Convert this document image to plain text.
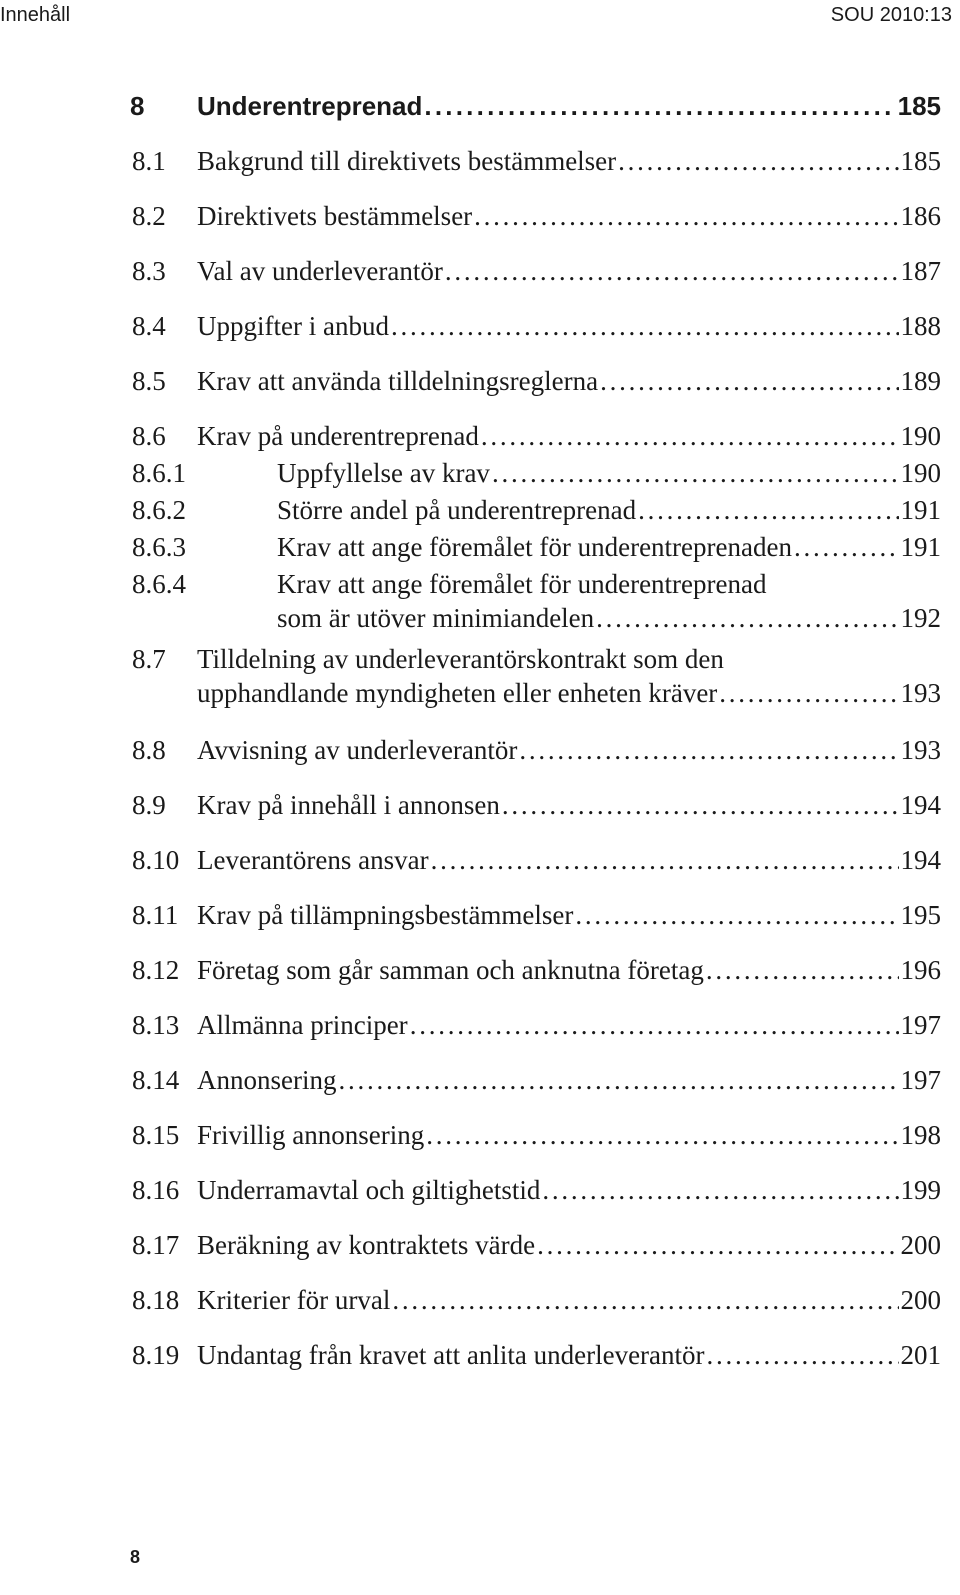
Innehåll	SOU 2010:13
8 Underentreprenad . . .	185
8.1 Bakgrund till direktivets bestämmelser . . .	185
8.2 Direktivets bestämmelser . . .	186
8.3 Val av underleverantör . . .	187
8.4 Uppgifter i anbud . . .	188
8.5 Krav att använda tilldelningsreglerna . . .	189
8.6 Krav på underentreprenad . . .	190
8.6.1	Uppfyllelse av krav . . .	190
8.6.2	Större andel på underentreprenad . . .	191
8.6.3	Krav att ange föremålet för underentreprenaden . . .	191
8.6.4	Krav att ange föremålet för underentreprenad
som är utöver minimiandelen . . .	192
8.7 Tilldelning av underleverantörskontrakt som den
upphandlande myndigheten eller enheten kräver . . .	193
8.8 Avvisning av underleverantör . . .	193
8.9 Krav på innehåll i annonsen . . .	194
8.10 Leverantörens ansvar . . .	194
8.11 Krav på tillämpningsbestämmelser . . .	195
8.12 Företag som går samman och anknutna företag . . .	196
8.13 Allmänna principer . . .	197
8.14 Annonsering . . .	197
8.15 Frivillig annonsering . . .	198
8.16 Underramavtal och giltighetstid . . .	199
8.17 Beräkning av kontraktets värde . . .	200
8.18 Kriterier för urval . . .	200
8.19 Undantag från kravet att anlita underleverantör . . .	201
8
